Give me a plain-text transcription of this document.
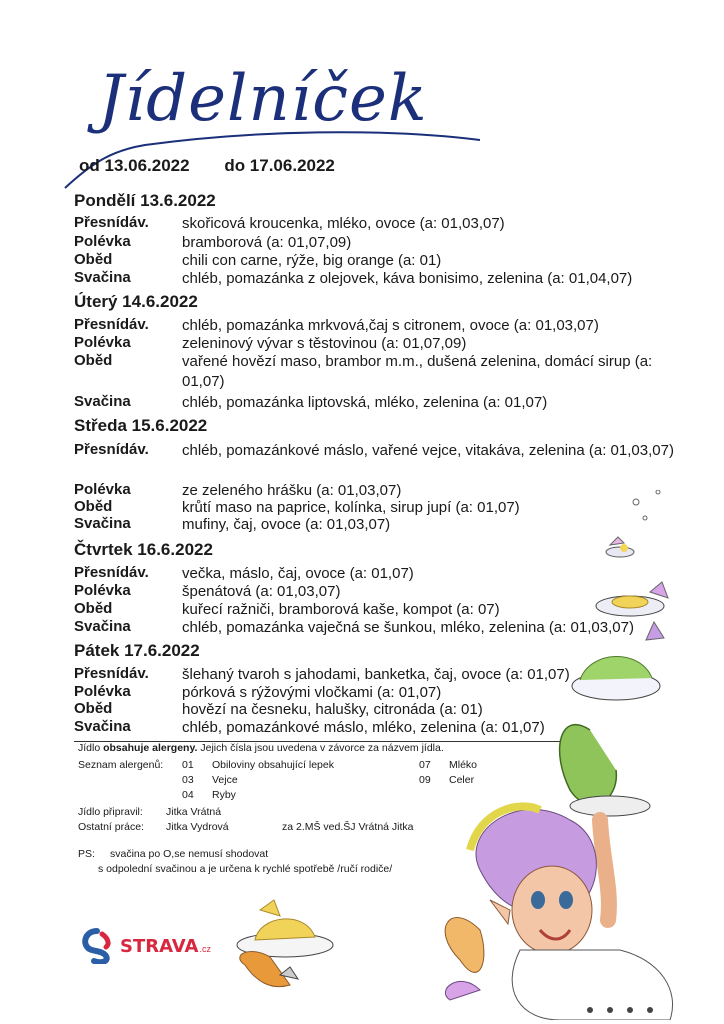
Jídelníček
od 13.06.2022 do 17.06.2022
Pondělí 13.6.2022
Přesnídáv.	skořicová kroucenka, mléko, ovoce (a: 01,03,07)
Polévka	bramborová (a: 01,07,09)
Oběd	chili con carne, rýže, big orange (a: 01)
Svačina	chléb, pomazánka z olejovek, káva bonisimo, zelenina (a: 01,04,07)
Úterý 14.6.2022
Přesnídáv.	chléb, pomazánka mrkvová,čaj s citronem, ovoce (a: 01,03,07)
Polévka	zeleninový vývar s těstovinou (a: 01,07,09)
Oběd	vařené hovězí maso, brambor m.m., dušená zelenina, domácí sirup (a: 01,07)
Svačina	chléb, pomazánka liptovská, mléko, zelenina (a: 01,07)
Středa 15.6.2022
Přesnídáv.	chléb, pomazánkové máslo, vařené vejce, vitakáva, zelenina (a: 01,03,07)
Polévka	ze zeleného hrášku (a: 01,03,07)
Oběd	krůtí maso na paprice, kolínka, sirup jupí (a: 01,07)
Svačina	mufiny, čaj, ovoce (a: 01,03,07)
Čtvrtek 16.6.2022
Přesnídáv.	večka, máslo, čaj, ovoce (a: 01,07)
Polévka	špenátová (a: 01,03,07)
Oběd	kuřecí ražniči, bramborová kaše, kompot (a: 07)
Svačina	chléb, pomazánka vaječná se šunkou, mléko, zelenina (a: 01,03,07)
Pátek 17.6.2022
Přesnídáv.	šlehaný tvaroh s jahodami, banketka, čaj, ovoce (a: 01,07)
Polévka	pórková s rýžovými vločkami (a: 01,07)
Oběd	hovězí na česneku, halušky, citronáda (a: 01)
Svačina	chléb, pomazánkové máslo, mléko, zelenina (a: 01,07)
Jídlo obsahuje alergeny. Jejich čísla jsou uvedena v závorce za názvem jídla.
Seznam alergenů: 01 Obiloviny obsahující lepek
03 Vejce
04 Ryby
07 Mléko
09 Celer
Jídlo připravil: Jitka Vrátná
Ostatní práce: Jitka Vydrová	za 2.MŠ ved.ŠJ Vrátná Jitka
PS: svačina po O,se nemusí shodovat
s odpolední svačinou a je určena k rychlé spotřebě /ručí rodiče/
STRAVA .cz
